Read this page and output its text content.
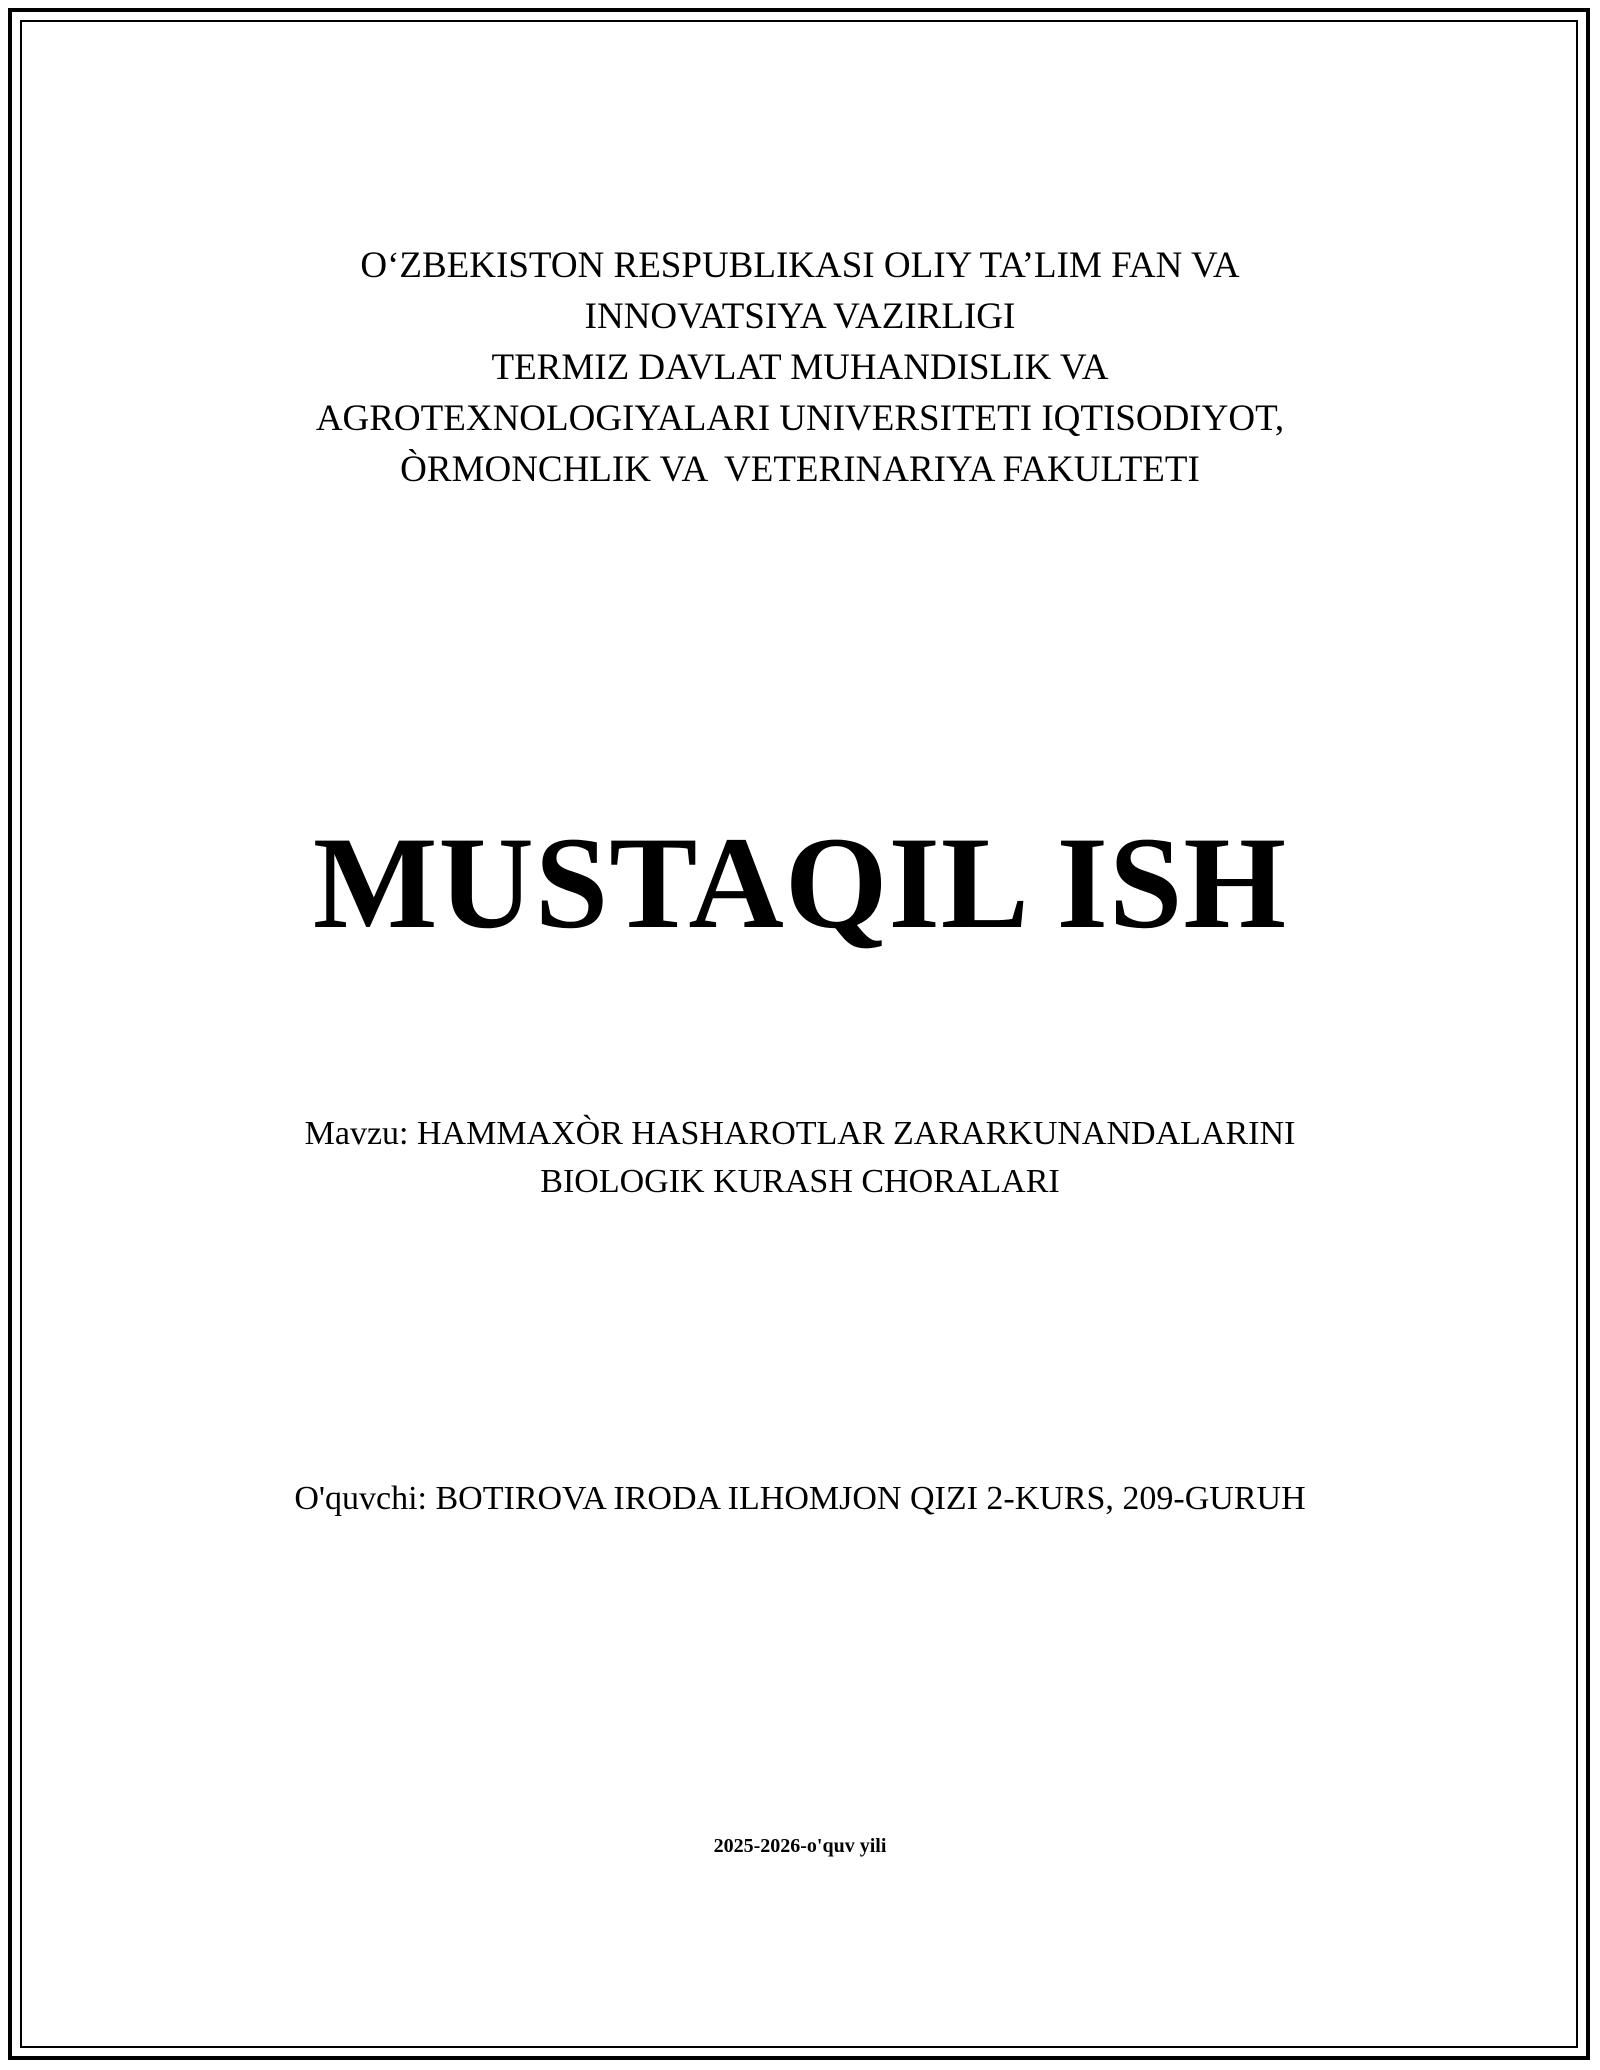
O‘ZBEKISTON RESPUBLIKASI OLIY TA’LIM FAN VA
INNOVATSIYA VAZIRLIGI
TERMIZ DAVLAT MUHANDISLIK VA
AGROTEXNOLOGIYALARI UNIVERSITETI IQTISODIYOT,
ÒRMONCHLIK VA  VETERINARIYA FAKULTETI
MUSTAQIL ISH
Mavzu: HAMMAXÒR HASHAROTLAR ZARARKUNANDALARINI
BIOLOGIK KURASH CHORALARI
O'quvchi: BOTIROVA IRODA ILHOMJON QIZI 2-KURS, 209-GURUH
2025-2026-o'quv yili
